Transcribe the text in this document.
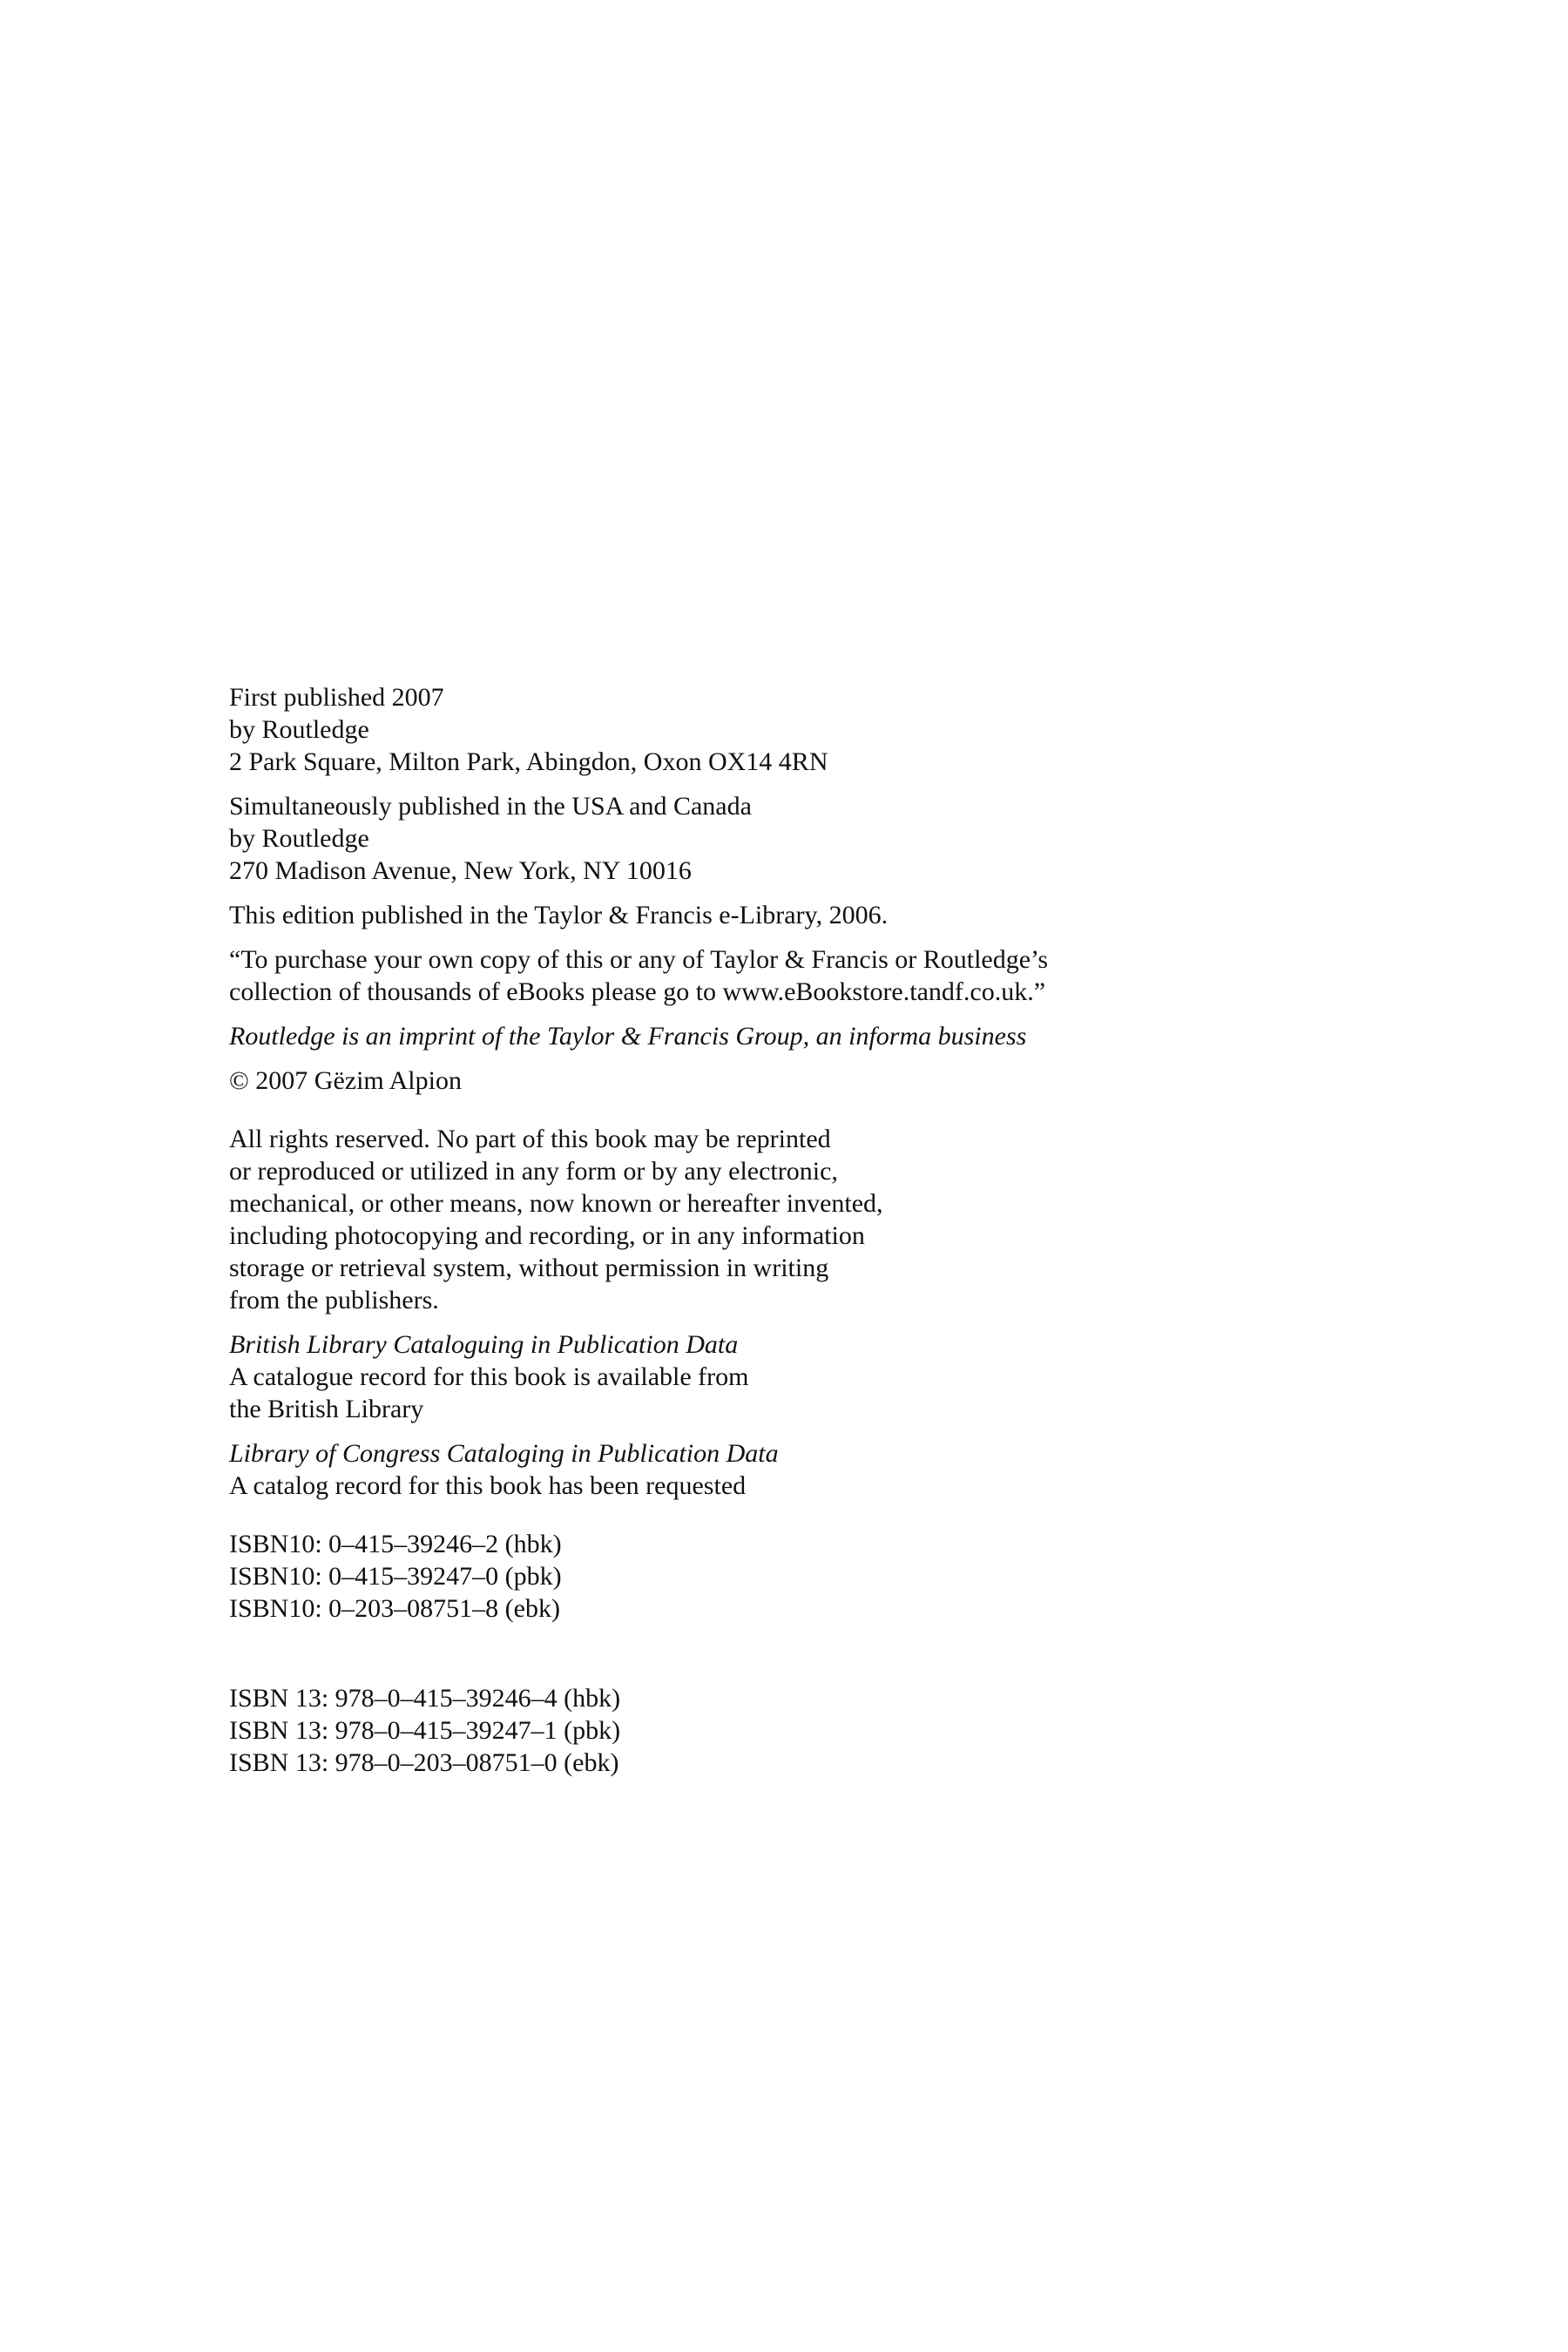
First published 2007
by Routledge
2 Park Square, Milton Park, Abingdon, Oxon OX14 4RN
Simultaneously published in the USA and Canada
by Routledge
270 Madison Avenue, New York, NY 10016
This edition published in the Taylor & Francis e-Library, 2006.
“To purchase your own copy of this or any of Taylor & Francis or Routledge’s
collection of thousands of eBooks please go to www.eBookstore.tandf.co.uk.”
Routledge is an imprint of the Taylor & Francis Group, an informa business
© 2007 Gëzim Alpion
All rights reserved. No part of this book may be reprinted
or reproduced or utilized in any form or by any electronic,
mechanical, or other means, now known or hereafter invented,
including photocopying and recording, or in any information
storage or retrieval system, without permission in writing
from the publishers.
British Library Cataloguing in Publication Data
A catalogue record for this book is available from
the British Library
Library of Congress Cataloging in Publication Data
A catalog record for this book has been requested
ISBN10: 0–415–39246–2 (hbk)
ISBN10: 0–415–39247–0 (pbk)
ISBN10: 0–203–08751–8 (ebk)
ISBN 13: 978–0–415–39246–4 (hbk)
ISBN 13: 978–0–415–39247–1 (pbk)
ISBN 13: 978–0–203–08751–0 (ebk)
